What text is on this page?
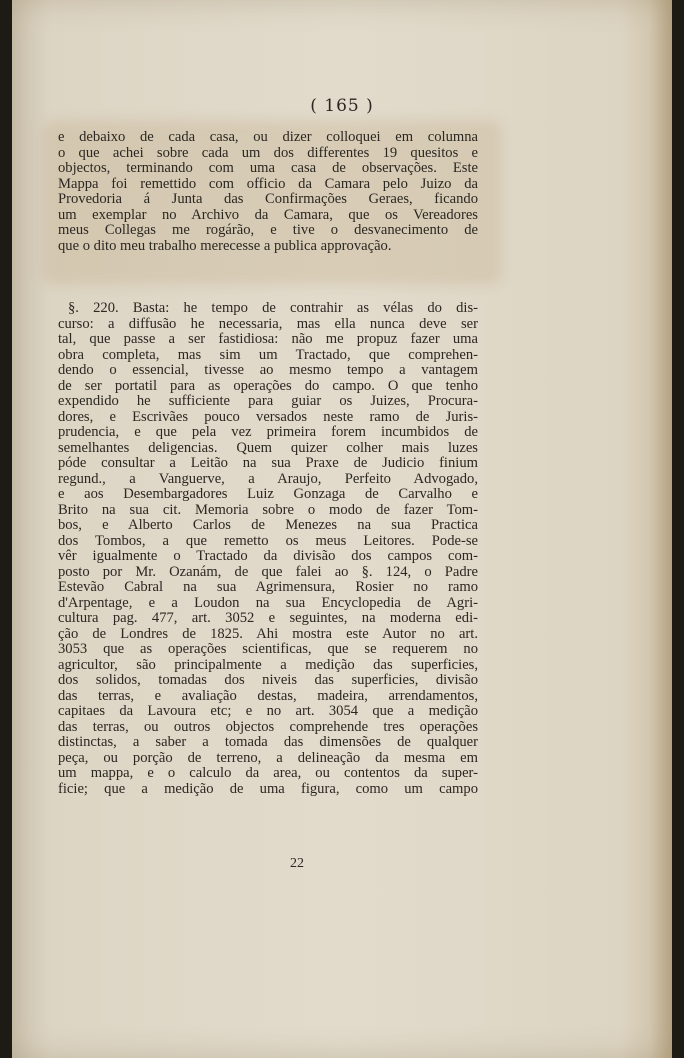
( 165 )
e debaixo de cada casa, ou dizer colloquei em columna
o que achei sobre cada um dos differentes 19 quesitos e
objectos, terminando com uma casa de observações. Este
Mappa foi remettido com officio da Camara pelo Juizo da
Provedoria á Junta das Confirmações Geraes, ficando
um exemplar no Archivo da Camara, que os Vereadores
meus Collegas me rogárão, e tive o desvanecimento de
que o dito meu trabalho merecesse a publica approvação.
§. 220. Basta: he tempo de contrahir as vélas do dis-
curso: a diffusão he necessaria, mas ella nunca deve ser
tal, que passe a ser fastidiosa: não me propuz fazer uma
obra completa, mas sim um Tractado, que comprehen-
dendo o essencial, tivesse ao mesmo tempo a vantagem
de ser portatil para as operações do campo. O que tenho
expendido he sufficiente para guiar os Juizes, Procura-
dores, e Escrivães pouco versados neste ramo de Juris-
prudencia, e que pela vez primeira forem incumbidos de
semelhantes deligencias. Quem quizer colher mais luzes
póde consultar a Leitão na sua Praxe de Judicio finium
regund., a Vanguerve, a Araujo, Perfeito Advogado,
e aos Desembargadores Luiz Gonzaga de Carvalho e
Brito na sua cit. Memoria sobre o modo de fazer Tom-
bos, e Alberto Carlos de Menezes na sua Practica
dos Tombos, a que remetto os meus Leitores. Pode-se
vêr igualmente o Tractado da divisão dos campos com-
posto por Mr. Ozanám, de que falei ao §. 124, o Padre
Estevão Cabral na sua Agrimensura, Rosier no ramo
d'Arpentage, e a Loudon na sua Encyclopedia de Agri-
cultura pag. 477, art. 3052 e seguintes, na moderna edi-
ção de Londres de 1825. Ahi mostra este Autor no art.
3053 que as operações scientificas, que se requerem no
agricultor, são principalmente a medição das superficies,
dos solidos, tomadas dos niveis das superficies, divisão
das terras, e avaliação destas, madeira, arrendamentos,
capitaes da Lavoura etc; e no art. 3054 que a medição
das terras, ou outros objectos comprehende tres operações
distinctas, a saber a tomada das dimensões de qualquer
peça, ou porção de terreno, a delineação da mesma em
um mappa, e o calculo da area, ou contentos da super-
ficie; que a medição de uma figura, como um campo
22
